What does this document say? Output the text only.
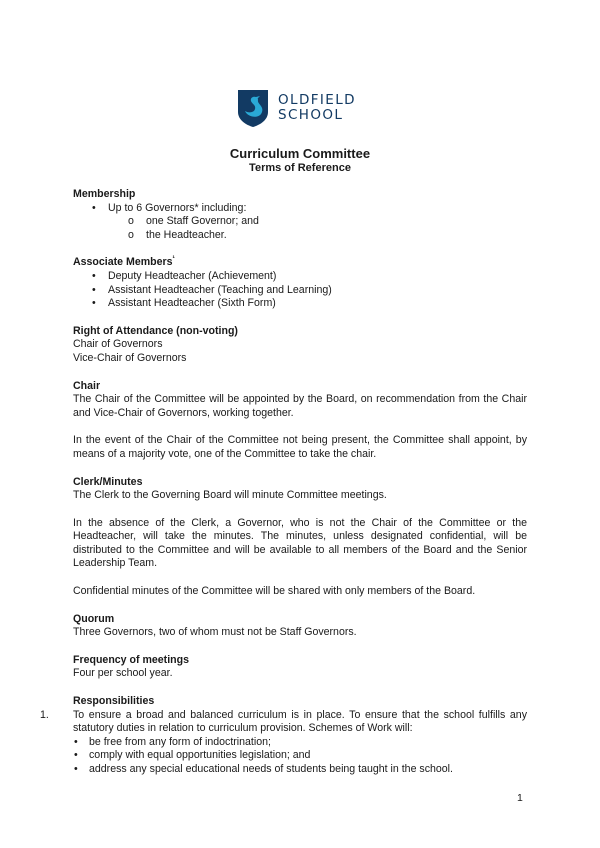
OLDFIELD
SCHOOL
Curriculum Committee
Terms of Reference

Membership

• Up to 6 Governors* including:
o one Staff Governor; and
o the Headteacher.

Associate Members$^{^1}$

• Deputy Headteacher (Achievement)
• Assistant Headteacher (Teaching and Learning)
• Assistant Headteacher (Sixth Form)

Right of Attendance (non-voting)

Chair of Governors

Vice-Chair of Governors

Chair

The Chair of the Committee will be appointed by the Board, on recommendation from the Chair and Vice-Chair of Governors, working together.

In the event of the Chair of the Committee not being present, the Committee shall appoint, by means of a majority vote, one of the Committee to take the chair.

Clerk/Minutes

The Clerk to the Governing Board will minute Committee meetings.

In the absence of the Clerk, a Governor, who is not the Chair of the Committee or the Headteacher, will take the minutes. The minutes, unless designated confidential, will be distributed to the Committee and will be available to all members of the Board and the Senior Leadership Team.

Confidential minutes of the Committee will be shared with only members of the Board.

Quorum

Three Governors, two of whom must not be Staff Governors.

Frequency of meetings

Four per school year.

Responsibilities

1. To ensure a broad and balanced curriculum is in place. To ensure that the school fulfills any statutory duties in relation to curriculum provision. Schemes of Work will:

• be free from any form of indoctrination;
• comply with equal opportunities legislation; and
• address any special educational needs of students being taught in the school.
1
